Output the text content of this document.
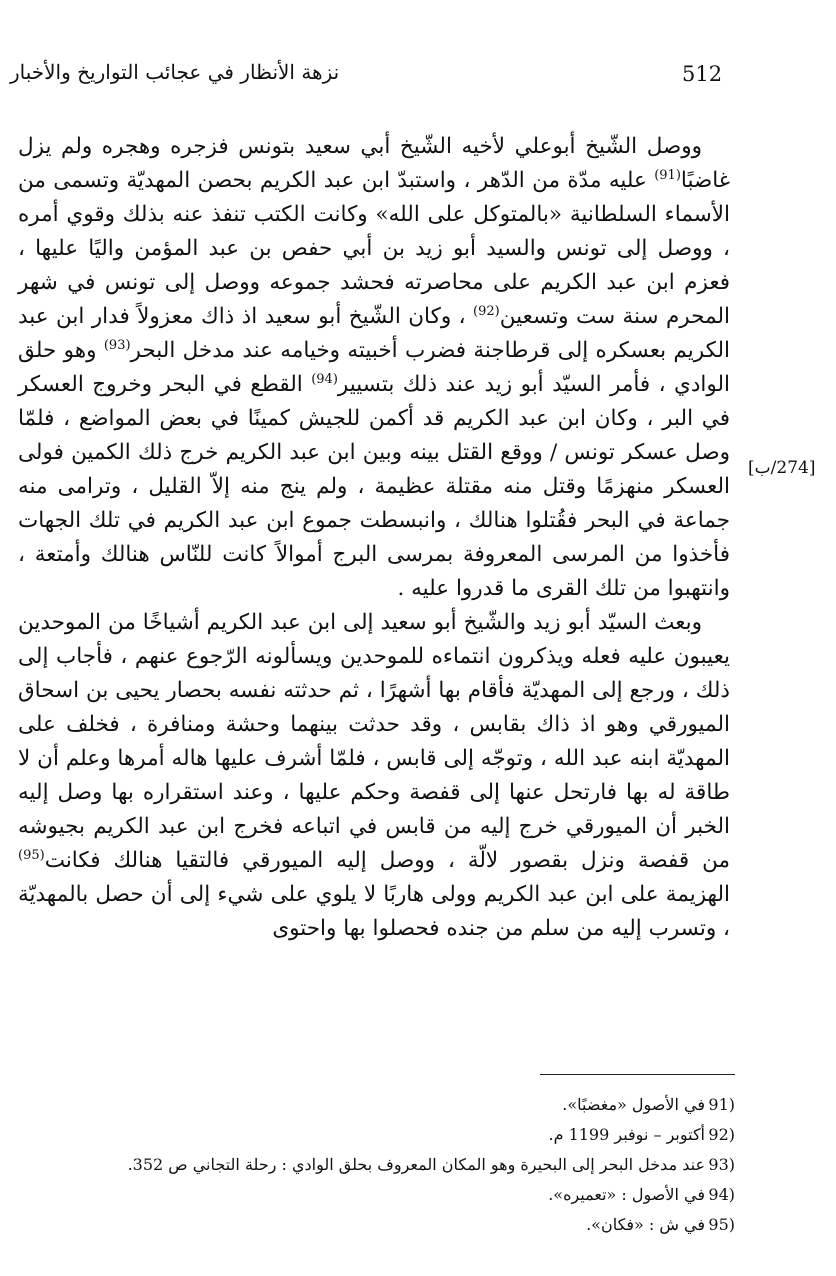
512
نزهة الأنظار في عجائب التواريخ والأخبار
[274/ب]

ووصل الشّيخ أبوعلي لأخيه الشّيخ أبي سعيد بتونس فزجره وهجره ولم يزل غاضبًا$^{(91)}$ عليه مدّة من الدّهر ، واستبدّ ابن عبد الكريم بحصن المهديّة وتسمى من الأسماء السلطانية «بالمتوكل على الله» وكانت الكتب تنفذ عنه بذلك وقوي أمره ، ووصل إلى تونس والسيد أبو زيد بن أبي حفص بن عبد المؤمن واليًا عليها ، فعزم ابن عبد الكريم على محاصرته فحشد جموعه ووصل إلى تونس في شهر المحرم سنة ست وتسعين$^{(92)}$ ، وكان الشّيخ أبو سعيد اذ ذاك معزولاً فدار ابن عبد الكريم بعسكره إلى قرطاجنة فضرب أخبيته وخيامه عند مدخل البحر$^{(93)}$ وهو حلق الوادي ، فأمر السيّد أبو زيد عند ذلك بتسيير$^{(94)}$ القطع في البحر وخروج العسكر في البر ، وكان ابن عبد الكريم قد أكمن للجيش كمينًا في بعض المواضع ، فلمّا وصل عسكر تونس / ووقع القتل بينه وبين ابن عبد الكريم خرج ذلك الكمين فولى العسكر منهزمًا وقتل منه مقتلة عظيمة ، ولم ينج منه إلاّ القليل ، وترامى منه جماعة في البحر فقُتلوا هنالك ، وانبسطت جموع ابن عبد الكريم في تلك الجهات فأخذوا من المرسى المعروفة بمرسى البرج أموالاً كانت للنّاس هنالك وأمتعة ، وانتهبوا من تلك القرى ما قدروا عليه .

وبعث السيّد أبو زيد والشّيخ أبو سعيد إلى ابن عبد الكريم أشياخًا من الموحدين يعيبون عليه فعله ويذكرون انتماءه للموحدين ويسألونه الرّجوع عنهم ، فأجاب إلى ذلك ، ورجع إلى المهديّة فأقام بها أشهرًا ، ثم حدثته نفسه بحصار يحيى بن اسحاق الميورقي وهو اذ ذاك بقابس ، وقد حدثت بينهما وحشة ومنافرة ، فخلف على المهديّة ابنه عبد الله ، وتوجّه إلى قابس ، فلمّا أشرف عليها هاله أمرها وعلم أن لا طاقة له بها فارتحل عنها إلى قفصة وحكم عليها ، وعند استقراره بها وصل إليه الخبر أن الميورقي خرج إليه من قابس في اتباعه فخرج ابن عبد الكريم بجيوشه من قفصة ونزل بقصور لالّة ، ووصل إليه الميورقي فالتقيا هنالك فكانت$^{(95)}$ الهزيمة على ابن عبد الكريم وولى هاربًا لا يلوي على شيء إلى أن حصل بالمهديّة ، وتسرب إليه من سلم من جنده فحصلوا بها واحتوى

(91في الأصول «مغضبًا».

(92أكتوبر – نوفبر 1199 م.

(93عند مدخل البحر إلى البحيرة وهو المكان المعروف بحلق الوادي : رحلة التجاني ص 352.

(94في الأصول : «تعميره».

(95في ش : «فكان».
